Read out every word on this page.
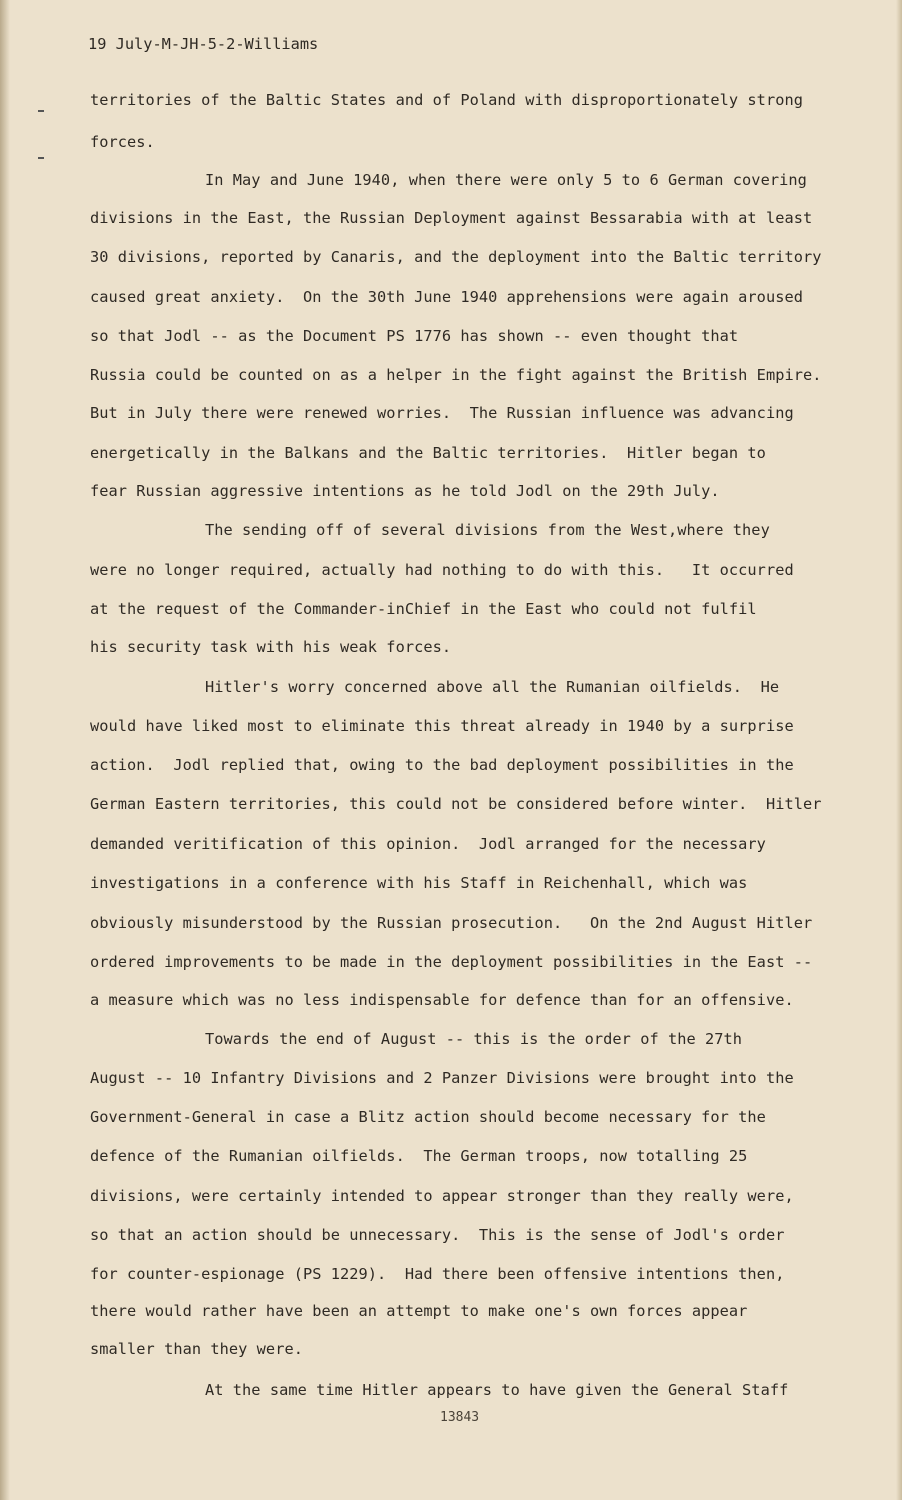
19 July-M-JH-5-2-Williams
territories of the Baltic States and of Poland with disproportionately strong
forces.
In May and June 1940, when there were only 5 to 6 German covering
divisions in the East, the Russian Deployment against Bessarabia with at least
30 divisions, reported by Canaris, and the deployment into the Baltic territory
caused great anxiety.  On the 30th June 1940 apprehensions were again aroused
so that Jodl -- as the Document PS 1776 has shown -- even thought that
Russia could be counted on as a helper in the fight against the British Empire.
But in July there were renewed worries.  The Russian influence was advancing
energetically in the Balkans and the Baltic territories.  Hitler began to
fear Russian aggressive intentions as he told Jodl on the 29th July.
The sending off of several divisions from the West,where they
were no longer required, actually had nothing to do with this.   It occurred
at the request of the Commander-inChief in the East who could not fulfil
his security task with his weak forces.
Hitler's worry concerned above all the Rumanian oilfields.  He
would have liked most to eliminate this threat already in 1940 by a surprise
action.  Jodl replied that, owing to the bad deployment possibilities in the
German Eastern territories, this could not be considered before winter.  Hitler
demanded veritification of this opinion.  Jodl arranged for the necessary
investigations in a conference with his Staff in Reichenhall, which was
obviously misunderstood by the Russian prosecution.   On the 2nd August Hitler
ordered improvements to be made in the deployment possibilities in the East --
a measure which was no less indispensable for defence than for an offensive.
Towards the end of August -- this is the order of the 27th
August -- 10 Infantry Divisions and 2 Panzer Divisions were brought into the
Government-General in case a Blitz action should become necessary for the
defence of the Rumanian oilfields.  The German troops, now totalling 25
divisions, were certainly intended to appear stronger than they really were,
so that an action should be unnecessary.  This is the sense of Jodl's order
for counter-espionage (PS 1229).  Had there been offensive intentions then,
there would rather have been an attempt to make one's own forces appear
smaller than they were.
At the same time Hitler appears to have given the General Staff
13843
